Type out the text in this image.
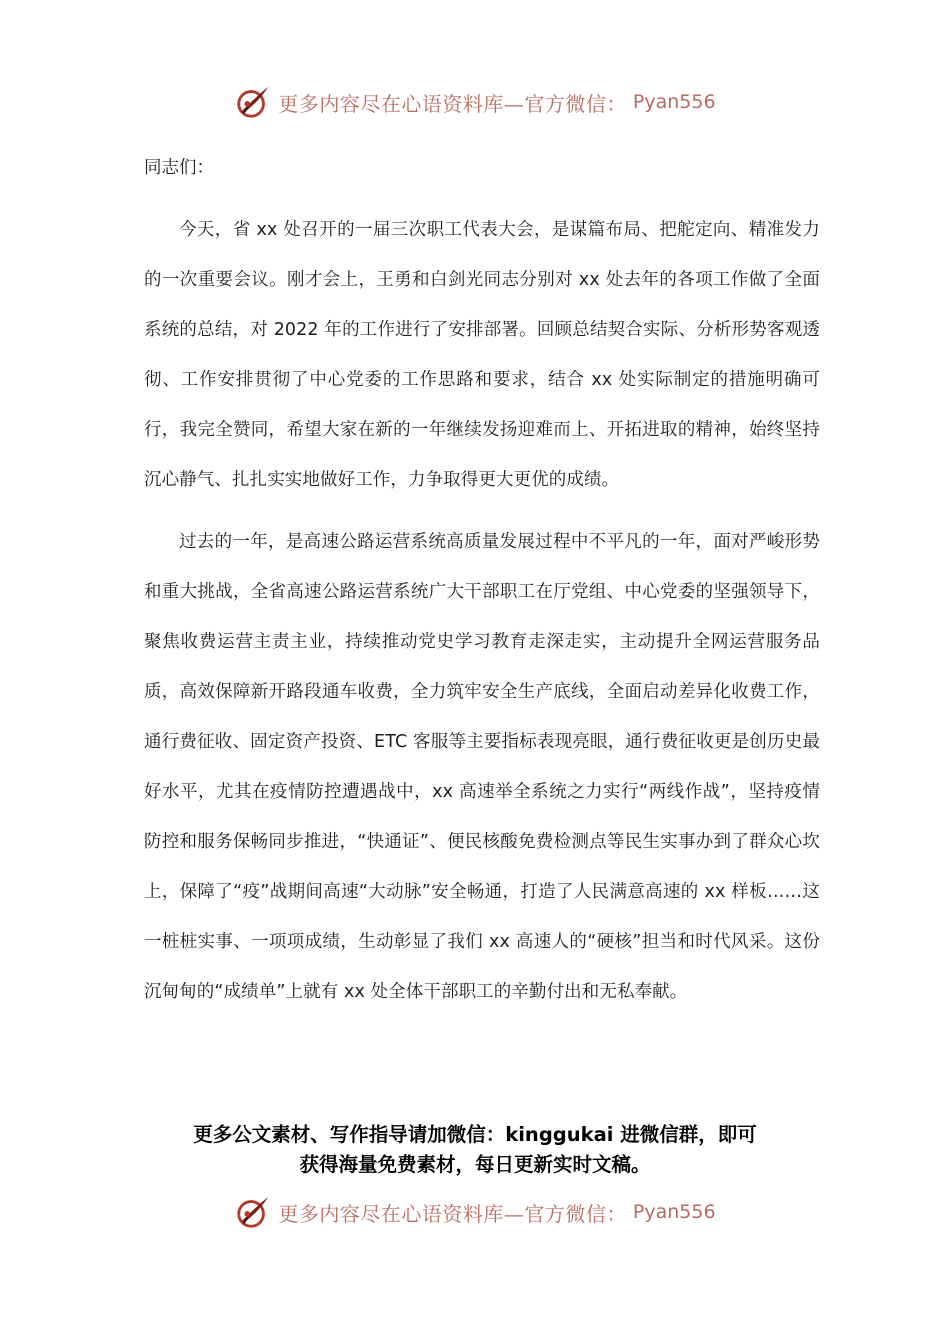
更多内容尽在心语资料库—官方微信： Pyan556

同志们：

今天，省 xx 处召开的一届三次职工代表大会，是谋篇布局、把舵定向、精准发力的一次重要会议。刚才会上，王勇和白剑光同志分别对 xx 处去年的各项工作做了全面系统的总结，对 2022 年的工作进行了安排部署。回顾总结契合实际、分析形势客观透彻、工作安排贯彻了中心党委的工作思路和要求，结合 xx 处实际制定的措施明确可行，我完全赞同，希望大家在新的一年继续发扬迎难而上、开拓进取的精神，始终坚持沉心静气、扎扎实实地做好工作，力争取得更大更优的成绩。

过去的一年，是高速公路运营系统高质量发展过程中不平凡的一年，面对严峻形势和重大挑战，全省高速公路运营系统广大干部职工在厅党组、中心党委的坚强领导下，聚焦收费运营主责主业，持续推动党史学习教育走深走实，主动提升全网运营服务品质，高效保障新开路段通车收费，全力筑牢安全生产底线，全面启动差异化收费工作，通行费征收、固定资产投资、ETC 客服等主要指标表现亮眼，通行费征收更是创历史最好水平，尤其在疫情防控遭遇战中，xx 高速举全系统之力实行“两线作战”，坚持疫情防控和服务保畅同步推进，“快通证”、便民核酸免费检测点等民生实事办到了群众心坎上，保障了“疫”战期间高速“大动脉”安全畅通，打造了人民满意高速的 xx 样板……这一桩桩实事、一项项成绩，生动彰显了我们 xx 高速人的“硬核”担当和时代风采。这份沉甸甸的“成绩单”上就有 xx 处全体干部职工的辛勤付出和无私奉献。

更多公文素材、写作指导请加微信：kinggukai 进微信群，即可
获得海量免费素材，每日更新实时文稿。
更多内容尽在心语资料库—官方微信： Pyan556
